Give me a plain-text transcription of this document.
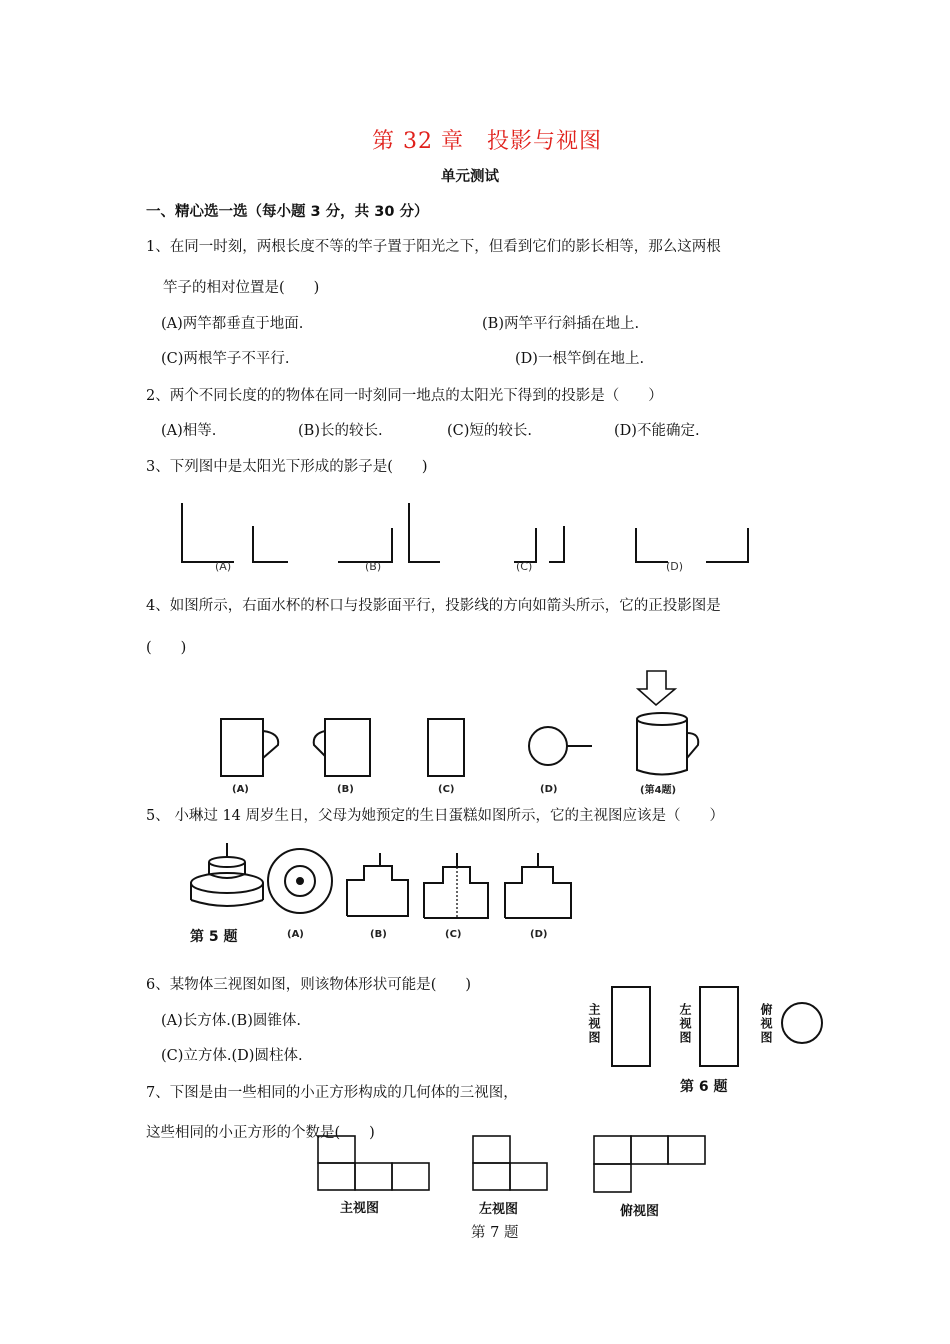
第 32 章　投影与视图
单元测试
一、精心选一选（每小题 3 分，共 30 分）
1、在同一时刻，两根长度不等的竿子置于阳光之下，但看到它们的影长相等，那么这两根
竿子的相对位置是(　　)
(A)两竿都垂直于地面.	(B)两竿平行斜插在地上.
(C)两根竿子不平行.	(D)一根竿倒在地上.
2、两个不同长度的的物体在同一时刻同一地点的太阳光下得到的投影是（　　）
(A)相等.	(B)长的较长.	(C)短的较长.	(D)不能确定.
3、下列图中是太阳光下形成的影子是(　　)
(A)	(B)	(C)	(D)
4、如图所示，右面水杯的杯口与投影面平行，投影线的方向如箭头所示，它的正投影图是
(　　)
(A)	(B)	(C)	(D)	(第4题)
5、 小琳过 14 周岁生日，父母为她预定的生日蛋糕如图所示，它的主视图应该是（　　）
第 5 题	(A)	(B)	(C)	(D)
6、某物体三视图如图，则该物体形状可能是(　　)
(A)长方体.(B)圆锥体.
(C)立方体.(D)圆柱体.
主视图	左视图	俯视图
第 6 题
7、下图是由一些相同的小正方形构成的几何体的三视图，
这些相同的小正方形的个数是(　　)
主视图	左视图	俯视图
第 7 题
